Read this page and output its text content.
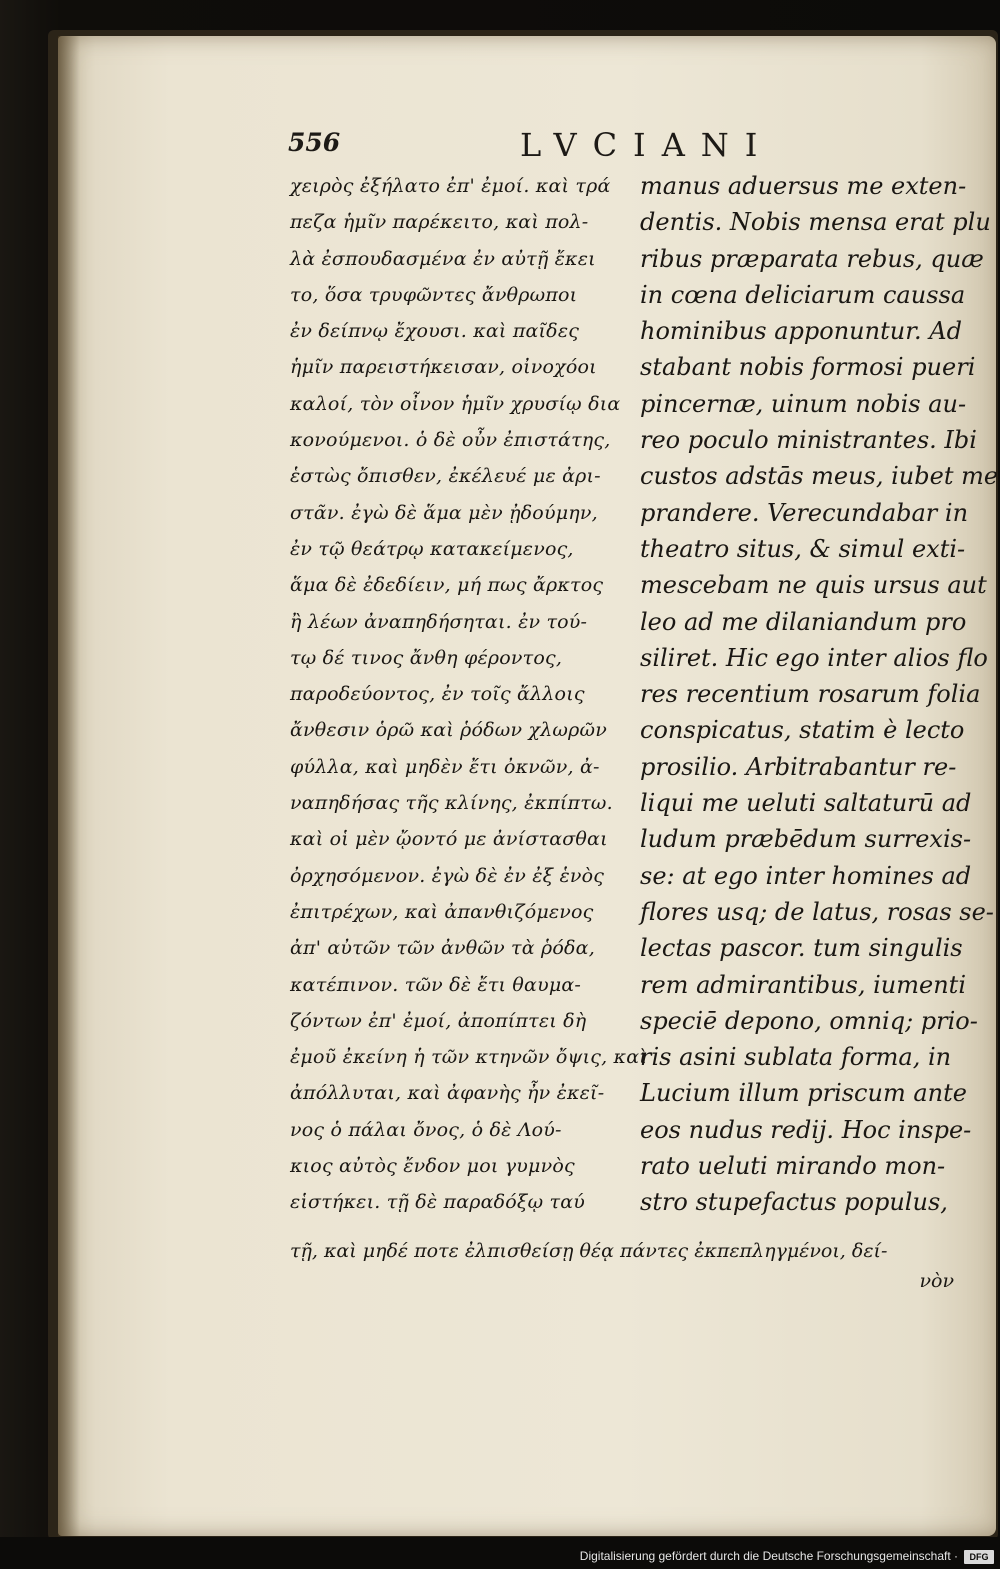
556	LVCIANI
χειρὸς ἐξήλατο ἐπ' ἐμοί. καὶ τρά
πεζα ἡμῖν παρέκειτο, καὶ πολ-
λὰ ἐσπουδασμένα ἐν αὐτῇ ἔκει
το, ὅσα τρυφῶντες ἄνθρωποι
ἐν δείπνῳ ἔχουσι. καὶ παῖδες
ἡμῖν παρειστήκεισαν, οἰνοχόοι
καλοί, τὸν οἶνον ἡμῖν χρυσίῳ δια
κονούμενοι. ὁ δὲ οὖν ἐπιστάτης,
ἑστὼς ὄπισθεν, ἐκέλευέ με ἀρι-
στᾶν. ἐγὼ δὲ ἅμα μὲν ᾐδούμην,
ἐν τῷ θεάτρῳ κατακείμενος,
ἅμα δὲ ἐδεδίειν, μή πως ἄρκτος
ἢ λέων ἀναπηδήσηται. ἐν τού-
τῳ δέ τινος ἄνθη φέροντος,
παροδεύοντος, ἐν τοῖς ἄλλοις
ἄνθεσιν ὁρῶ καὶ ῥόδων χλωρῶν
φύλλα, καὶ μηδὲν ἔτι ὀκνῶν, ἀ-
ναπηδήσας τῆς κλίνης, ἐκπίπτω.
καὶ οἱ μὲν ᾤοντό με ἀνίστασθαι
ὀρχησόμενον. ἐγὼ δὲ ἐν ἐξ ἑνὸς
ἐπιτρέχων, καὶ ἀπανθιζόμενος
ἀπ' αὐτῶν τῶν ἀνθῶν τὰ ῥόδα,
κατέπινον. τῶν δὲ ἔτι θαυμα-
ζόντων ἐπ' ἐμοί, ἀποπίπτει δὴ
ἐμοῦ ἐκείνη ἡ τῶν κτηνῶν ὄψις, καὶ
ἀπόλλυται, καὶ ἀφανὴς ἦν ἐκεῖ-
νος ὁ πάλαι ὄνος, ὁ δὲ Λού-
κιος αὐτὸς ἔνδον μοι γυμνὸς
εἱστήκει. τῇ δὲ παραδόξῳ ταύ
manus aduersus me exten-
dentis. Nobis mensa erat plu
ribus præparata rebus, quæ
in cœna deliciarum caussa
hominibus apponuntur. Ad
stabant nobis formosi pueri
pincernæ, uinum nobis au-
reo poculo ministrantes. Ibi
custos adstās meus, iubet me
prandere. Verecundabar in
theatro situs, & simul exti-
mescebam ne quis ursus aut
leo ad me dilaniandum pro
siliret. Hic ego inter alios flo
res recentium rosarum folia
conspicatus, statim è lecto
prosilio. Arbitrabantur re-
liqui me ueluti saltaturū ad
ludum præbēdum surrexis-
se: at ego inter homines ad
flores usq; de latus, rosas se-
lectas pascor. tum singulis
rem admirantibus, iumenti
speciē depono, omniq; prio-
ris asini sublata forma, in
Lucium illum priscum ante
eos nudus redij. Hoc inspe-
rato ueluti mirando mon-
stro stupefactus populus,
τῇ, καὶ μηδέ ποτε ἐλπισθείσῃ θέᾳ πάντες ἐκπεπληγμένοι, δεί-
νὸν
Digitalisierung gefördert durch die Deutsche Forschungsgemeinschaft ·	DFG
